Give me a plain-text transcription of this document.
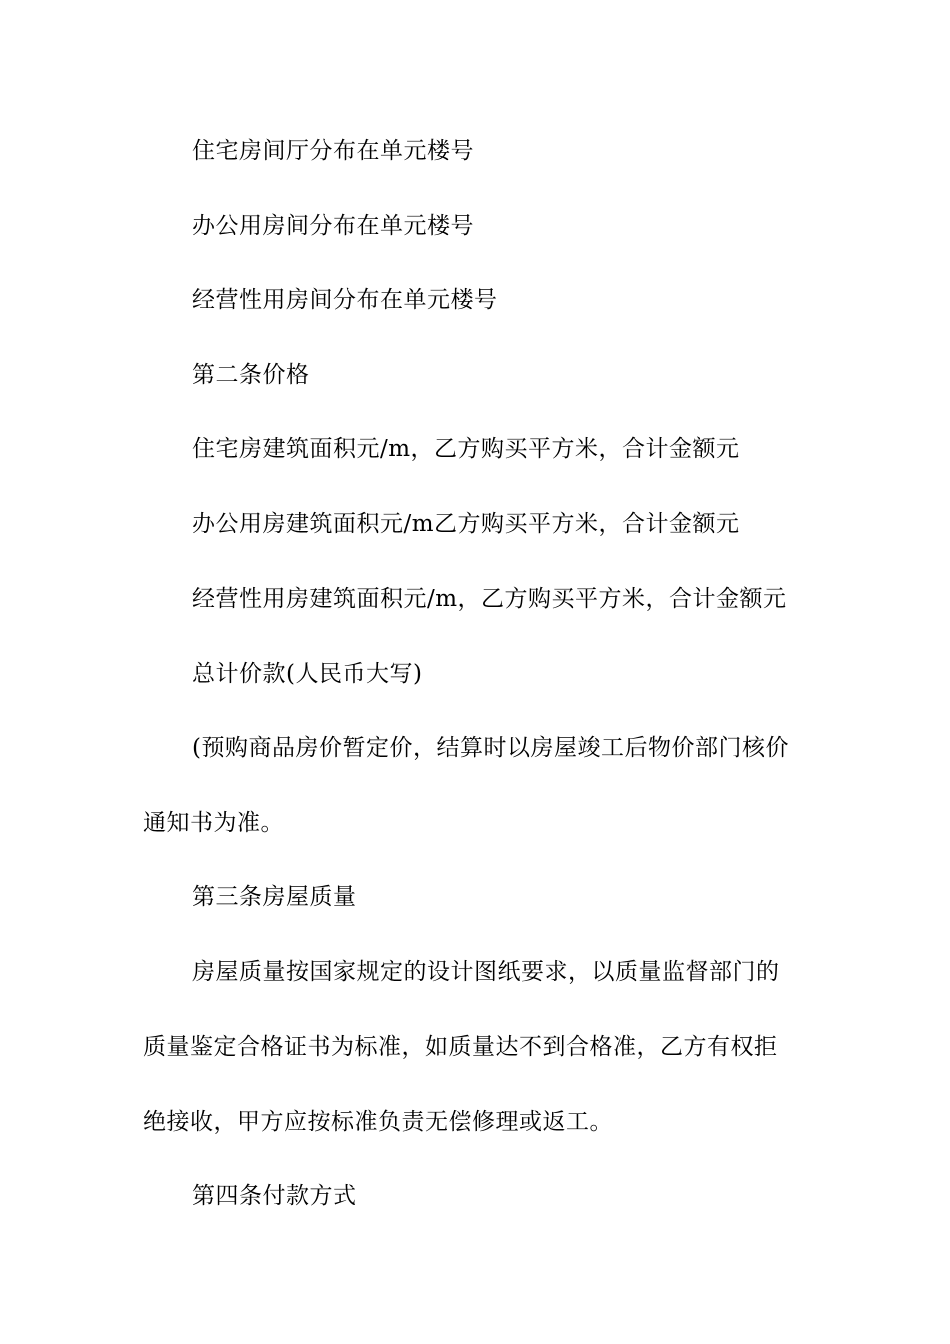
住宅房间厅分布在单元楼号
办公用房间分布在单元楼号
经营性用房间分布在单元楼号
第二条价格
住宅房建筑面积元/m，乙方购买平方米，合计金额元
办公用房建筑面积元/m乙方购买平方米，合计金额元
经营性用房建筑面积元/m，乙方购买平方米，合计金额元
总计价款(人民币大写)
(预购商品房价暂定价，结算时以房屋竣工后物价部门核价
通知书为准。
第三条房屋质量
房屋质量按国家规定的设计图纸要求，以质量监督部门的
质量鉴定合格证书为标准，如质量达不到合格准，乙方有权拒
绝接收，甲方应按标准负责无偿修理或返工。
第四条付款方式
